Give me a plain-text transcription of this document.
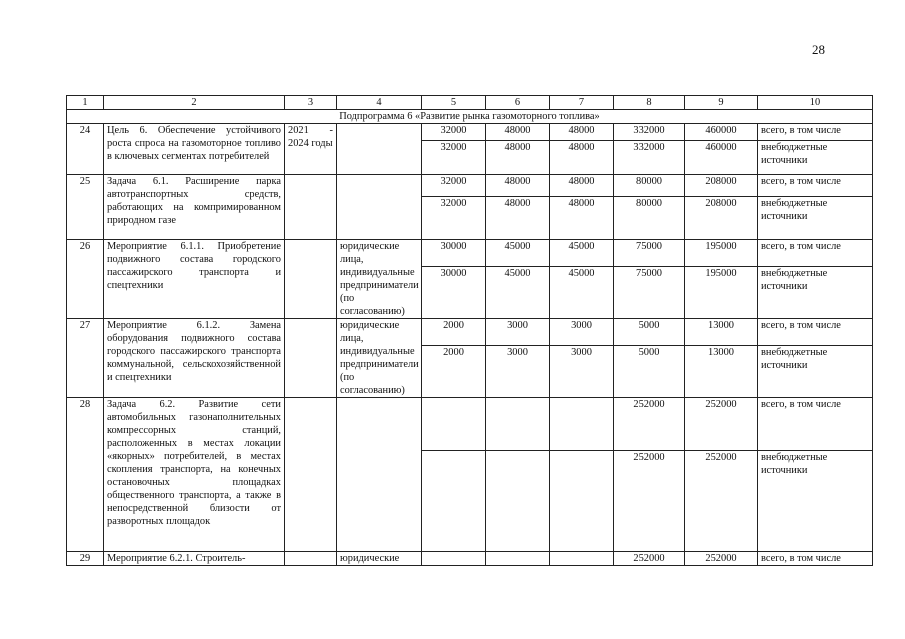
28
1	2	3	4	5	6	7	8	9	10
Подпрограмма 6 «Развитие рынка газомоторного топлива»									
24	Цель 6. Обеспечение устойчивого роста спроса на газомоторное топливо в ключевых сегментах потребителей	2021 - 2024 годы		32000	48000	48000	332000	460000	всего, в том числе
				32000	48000	48000	332000	460000	внебюджетные источники
25	Задача 6.1. Расширение парка автотранспортных средств, работающих на компримированном природном газе			32000	48000	48000	80000	208000	всего, в том числе
				32000	48000	48000	80000	208000	внебюджетные источники
26	Мероприятие 6.1.1. Приобретение подвижного состава городского пассажирского транспорта и спецтехники		юридические лица, индивидуальные предприниматели (по согласованию)	30000	45000	45000	75000	195000	всего, в том числе
				30000	45000	45000	75000	195000	внебюджетные источники
27	Мероприятие 6.1.2. Замена оборудования подвижного состава городского пассажирского транспорта коммунальной, сельскохозяйственной и спецтехники		юридические лица, индивидуальные предприниматели (по согласованию)	2000	3000	3000	5000	13000	всего, в том числе
				2000	3000	3000	5000	13000	внебюджетные источники
28	Задача 6.2. Развитие сети автомобильных газонаполнительных компрессорных станций, расположенных в местах локации «якорных» потребителей, в местах скопления транспорта, на конечных остановочных площадках общественного транспорта, а также в непосредственной близости от разворотных площадок						252000	252000	всего, в том числе
							252000	252000	внебюджетные источники
29	Мероприятие 6.2.1. Строитель-		юридические				252000	252000	всего, в том числе
